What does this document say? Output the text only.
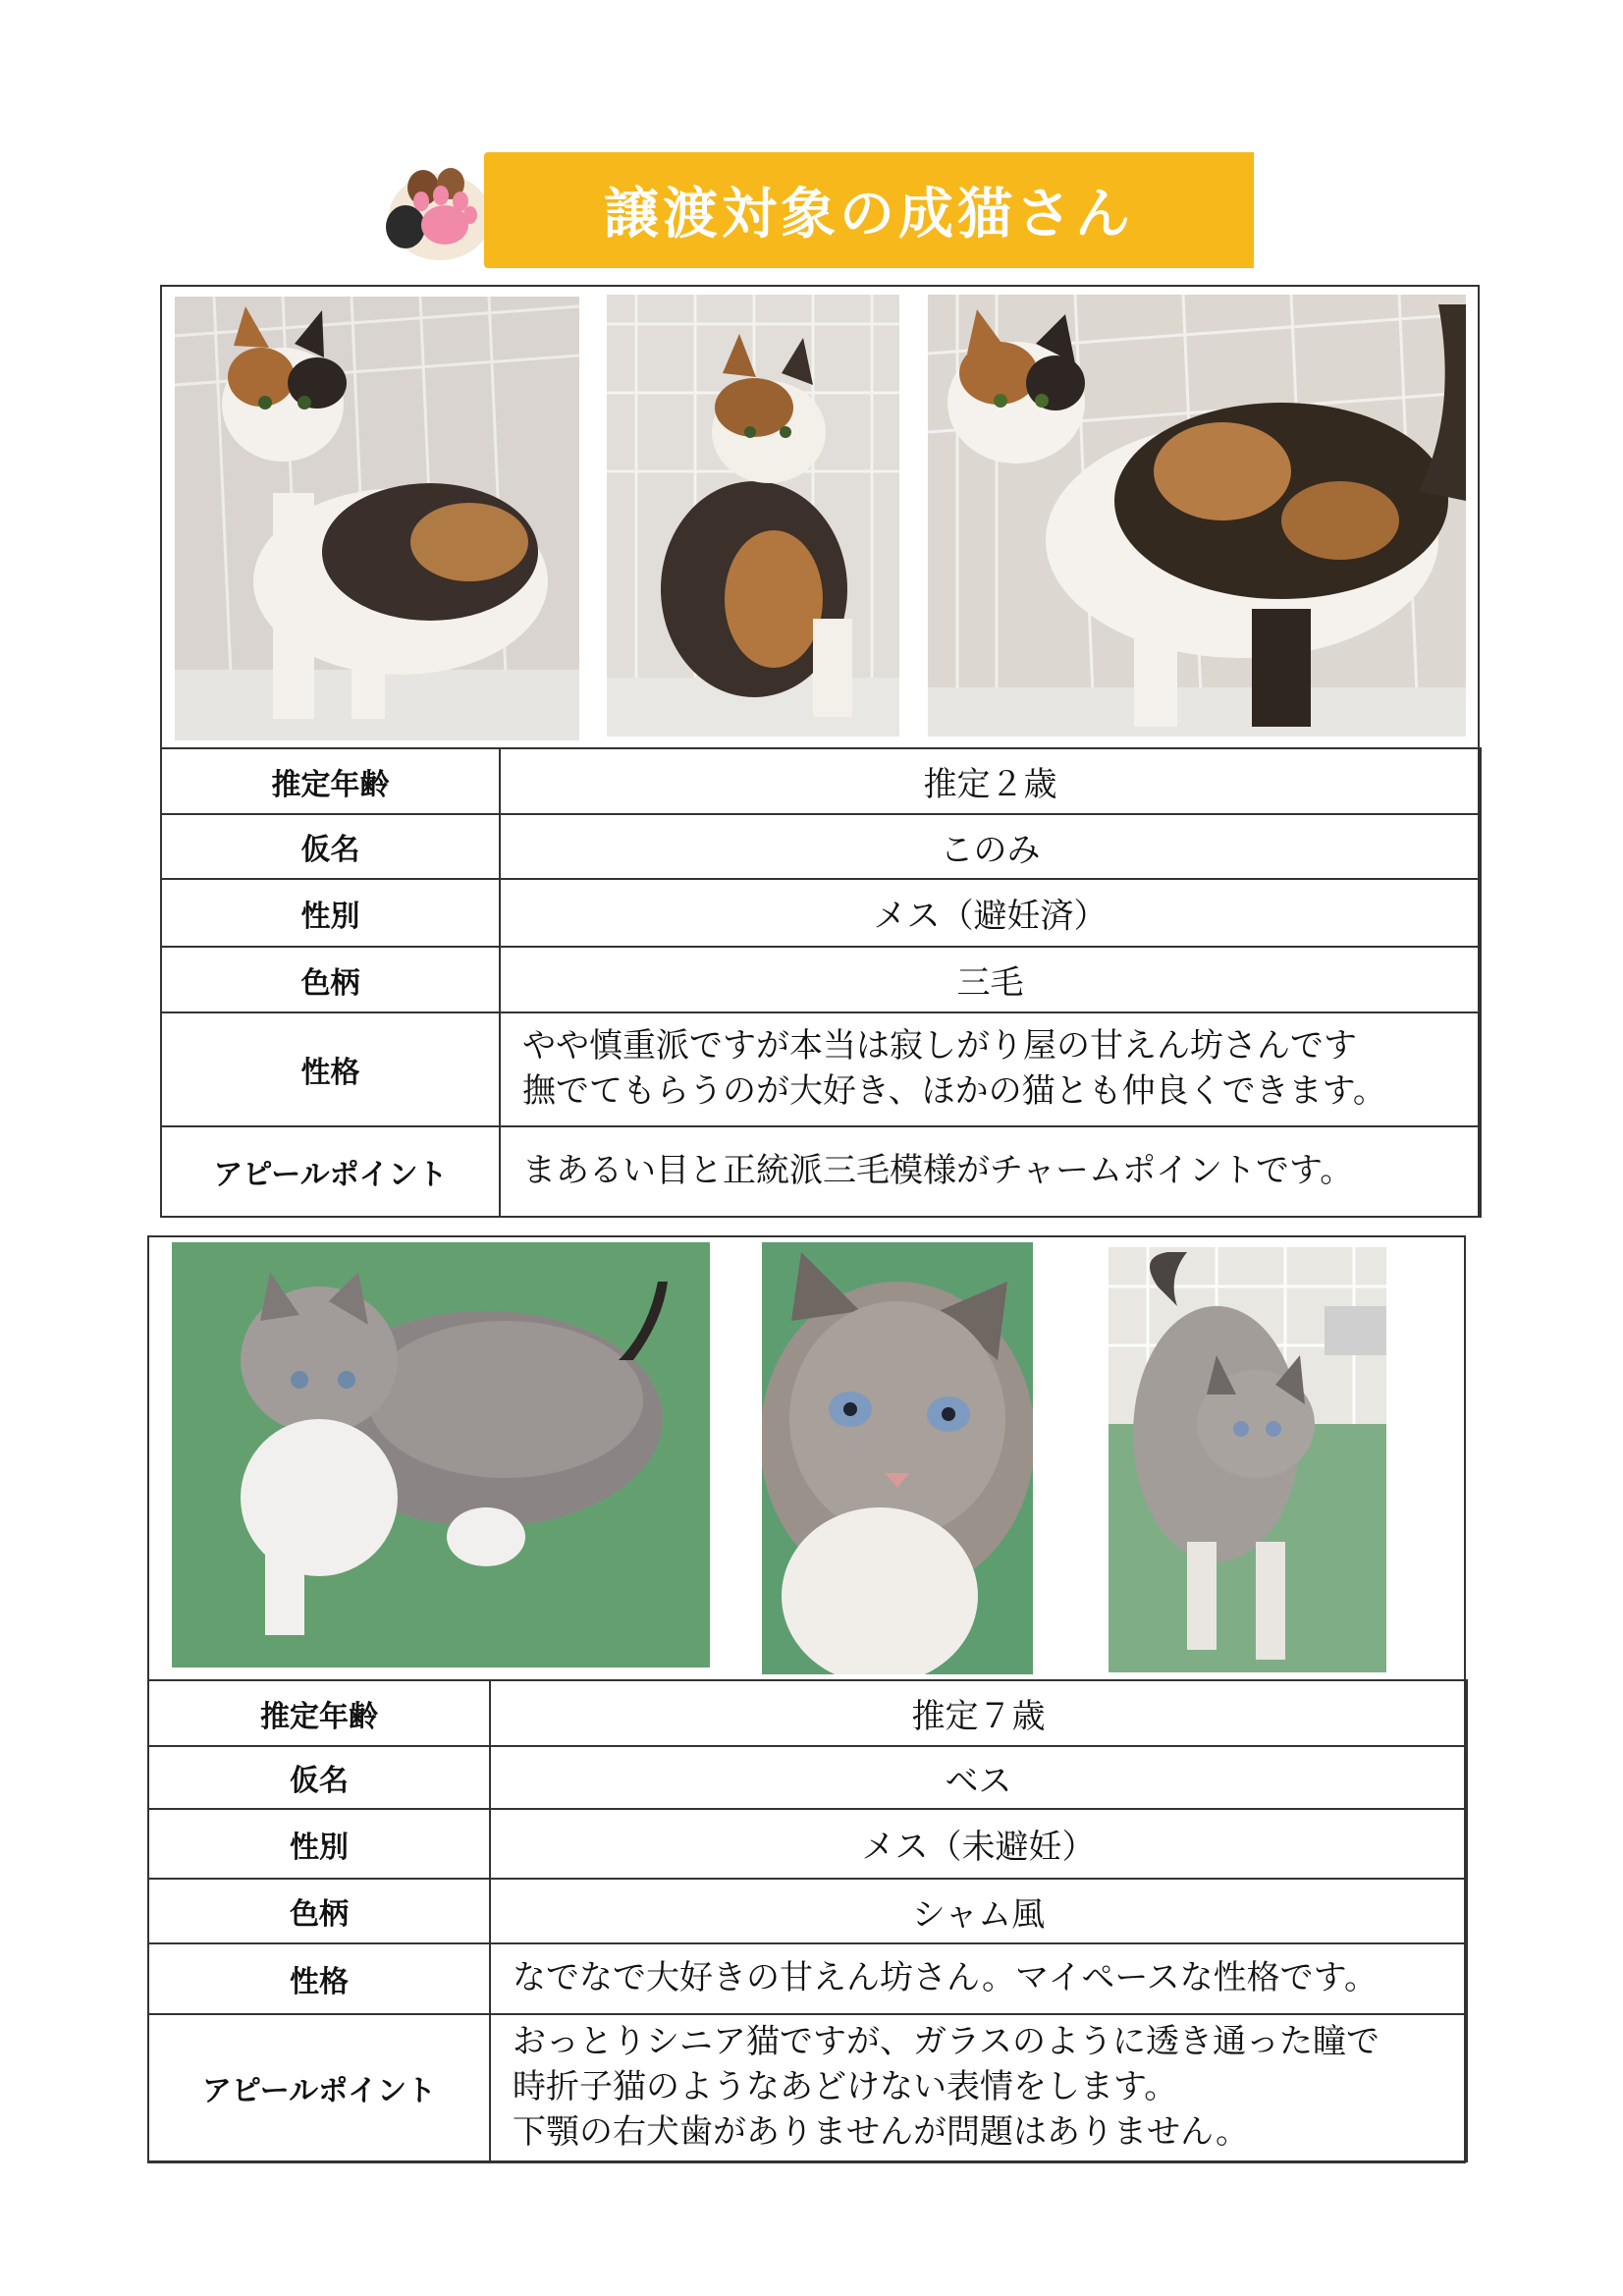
譲渡対象の成猫さん
推定年齢	推定２歳
仮名	このみ
性別	メス（避妊済）
色柄	三毛
性格	やや慎重派ですが本当は寂しがり屋の甘えん坊さんです
撫でてもらうのが大好き、ほかの猫とも仲良くできます。

アピールポイント	まあるい目と正統派三毛模様がチャームポイントです。
推定年齢	推定７歳
仮名	ベス
性別	メス（未避妊）
色柄	シャム風
性格	なでなで大好きの甘えん坊さん。マイペースな性格です。

アピールポイント	おっとりシニア猫ですが、ガラスのように透き通った瞳で
時折子猫のようなあどけない表情をします。
下顎の右犬歯がありませんが問題はありません。
